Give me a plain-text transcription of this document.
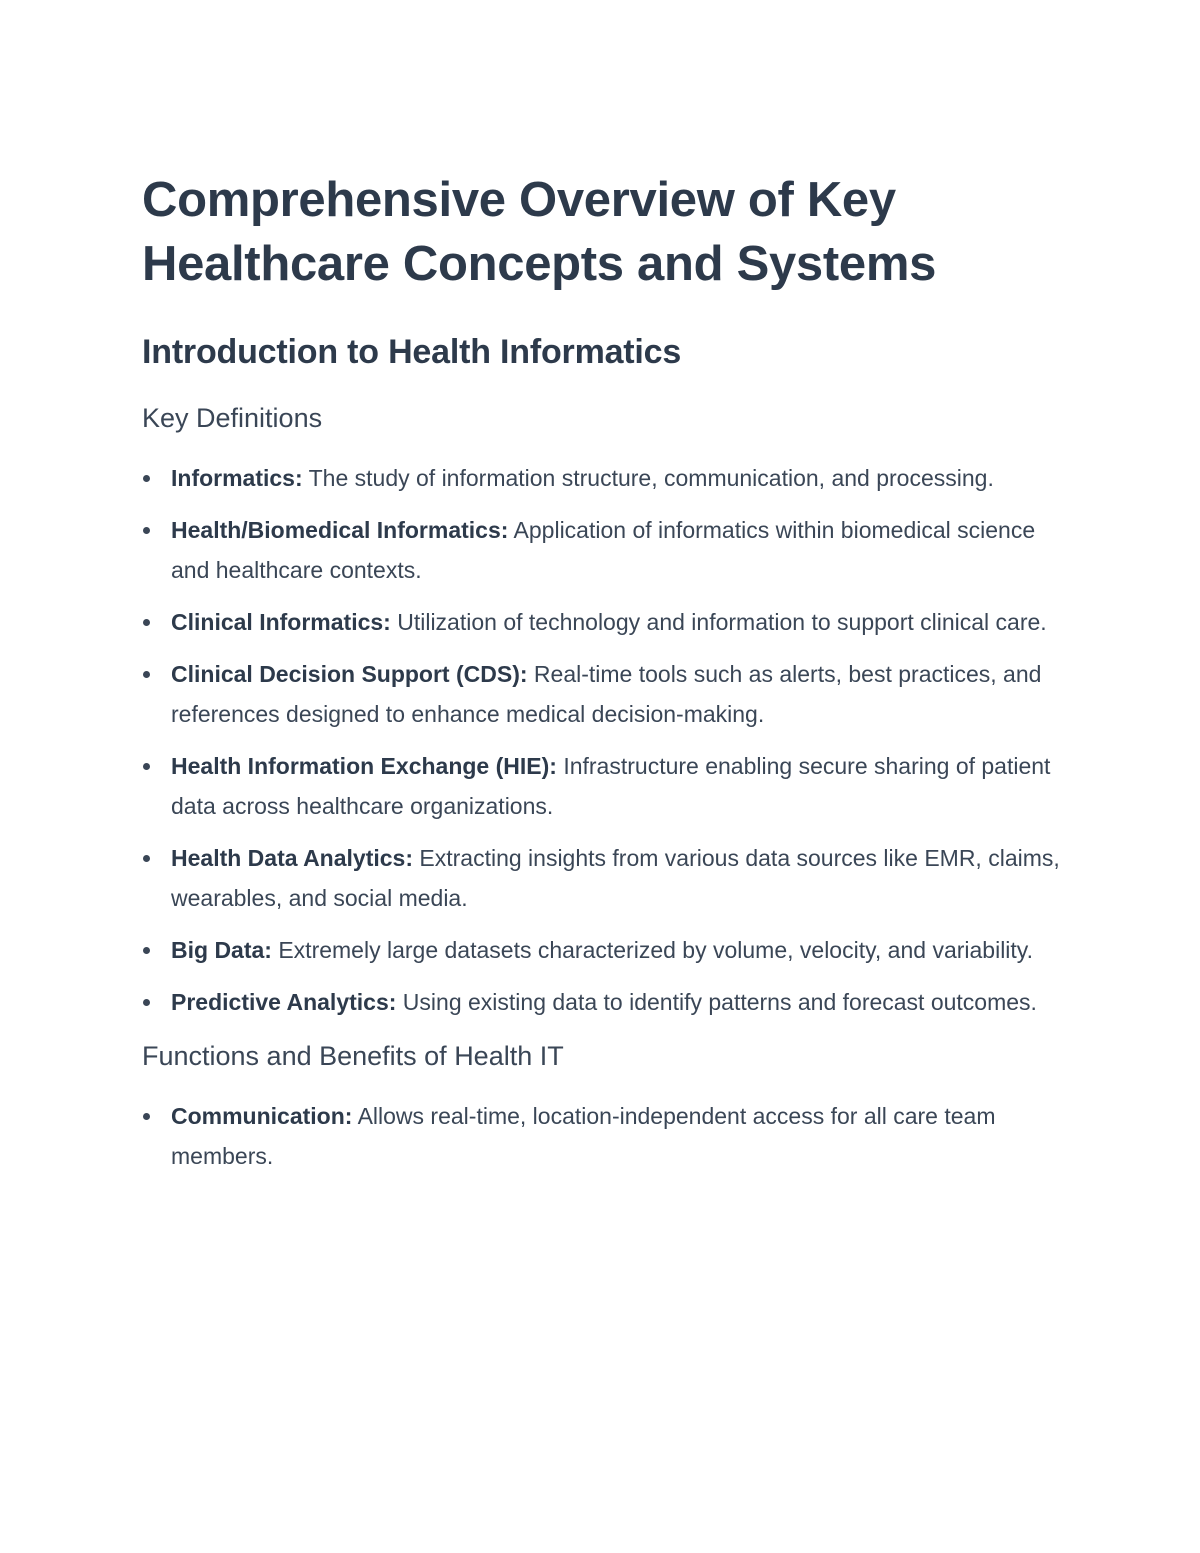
Comprehensive Overview of Key Healthcare Concepts and Systems
Introduction to Health Informatics
Key Definitions
Informatics: The study of information structure, communication, and processing.
Health/Biomedical Informatics: Application of informatics within biomedical science and healthcare contexts.
Clinical Informatics: Utilization of technology and information to support clinical care.
Clinical Decision Support (CDS): Real-time tools such as alerts, best practices, and references designed to enhance medical decision-making.
Health Information Exchange (HIE): Infrastructure enabling secure sharing of patient data across healthcare organizations.
Health Data Analytics: Extracting insights from various data sources like EMR, claims, wearables, and social media.
Big Data: Extremely large datasets characterized by volume, velocity, and variability.
Predictive Analytics: Using existing data to identify patterns and forecast outcomes.
Functions and Benefits of Health IT
Communication: Allows real-time, location-independent access for all care team members.
